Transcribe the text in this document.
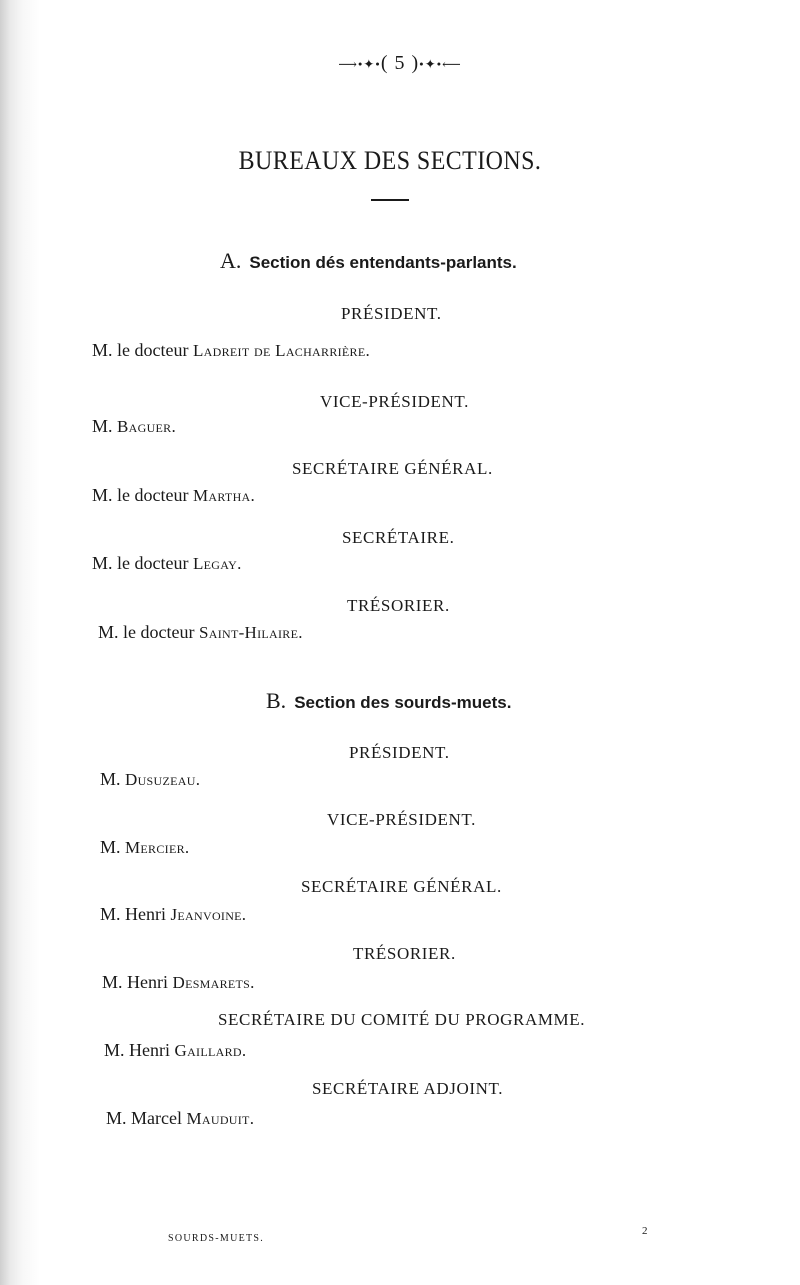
⟶•✦•( 5 )•✦•⟵
BUREAUX DES SECTIONS.
A. Section dés entendants-parlants.
PRÉSIDENT.
M. le docteur Ladreit de Lacharrière.
VICE-PRÉSIDENT.
M. Baguer.
SECRÉTAIRE GÉNÉRAL.
M. le docteur Martha.
SECRÉTAIRE.
M. le docteur Legay.
TRÉSORIER.
M. le docteur Saint-Hilaire.
B. Section des sourds-muets.
PRÉSIDENT.
M. Dusuzeau.
VICE-PRÉSIDENT.
M. Mercier.
SECRÉTAIRE GÉNÉRAL.
M. Henri Jeanvoine.
TRÉSORIER.
M. Henri Desmarets.
SECRÉTAIRE DU COMITÉ DU PROGRAMME.
M. Henri Gaillard.
SECRÉTAIRE ADJOINT.
M. Marcel Mauduit.
SOURDS-MUETS.
2
